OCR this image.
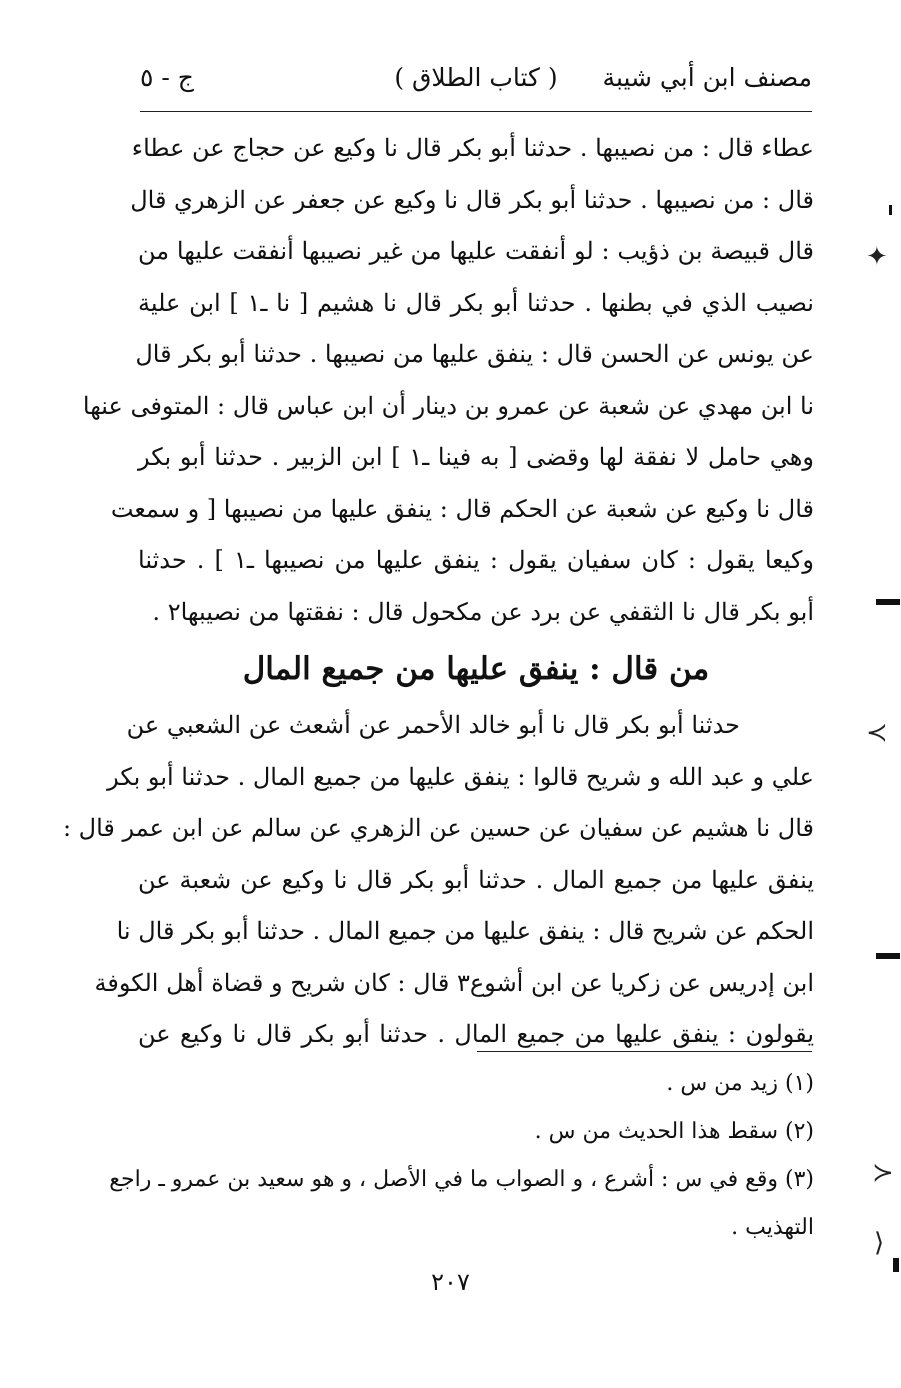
مصنف ابن أبي شيبة
( كتاب الطلاق )
ج - ٥
عطاء قال : من نصيبها . حدثنا أبو بكر قال نا وكيع عن حجاج عن عطاء
قال : من نصيبها . حدثنا أبو بكر قال نا وكيع عن جعفر عن الزهري قال
قال قبيصة بن ذؤيب : لو أنفقت عليها من غير نصيبها أنفقت عليها من
نصيب الذي في بطنها . حدثنا أبو بكر قال نا هشيم [ نا ـ١ ] ابن علية
عن يونس عن الحسن قال : ينفق عليها من نصيبها . حدثنا أبو بكر قال
نا ابن مهدي عن شعبة عن عمرو بن دينار أن ابن عباس قال : المتوفى عنها
وهي حامل لا نفقة لها وقضى [ به فينا ـ١ ] ابن الزبير . حدثنا أبو بكر
قال نا وكيع عن شعبة عن الحكم قال : ينفق عليها من نصيبها [ و سمعت
وكيعا يقول : كان سفيان يقول : ينفق عليها من نصيبها ـ١ ] . حدثنا
أبو بكر قال نا الثقفي عن برد عن مكحول قال : نفقتها من نصيبها٢ .
من قال : ينفق عليها من جميع المال
حدثنا أبو بكر قال نا أبو خالد الأحمر عن أشعث عن الشعبي عن
علي و عبد الله و شريح قالوا : ينفق عليها من جميع المال . حدثنا أبو بكر
قال نا هشيم عن سفيان عن حسين عن الزهري عن سالم عن ابن عمر قال :
ينفق عليها من جميع المال . حدثنا أبو بكر قال نا وكيع عن شعبة عن
الحكم عن شريح قال : ينفق عليها من جميع المال . حدثنا أبو بكر قال نا
ابن إدريس عن زكريا عن ابن أشوع٣ قال : كان شريح و قضاة أهل الكوفة
يقولون : ينفق عليها من جميع المال . حدثنا أبو بكر قال نا وكيع عن
(١) زيد من س .
(٢) سقط هذا الحديث من س .
(٣) وقع في س : أشرع ، و الصواب ما في الأصل ، و هو سعيد بن عمرو ـ راجع
التهذيب .
٢٠٧
✦
≺
≻
⟩
